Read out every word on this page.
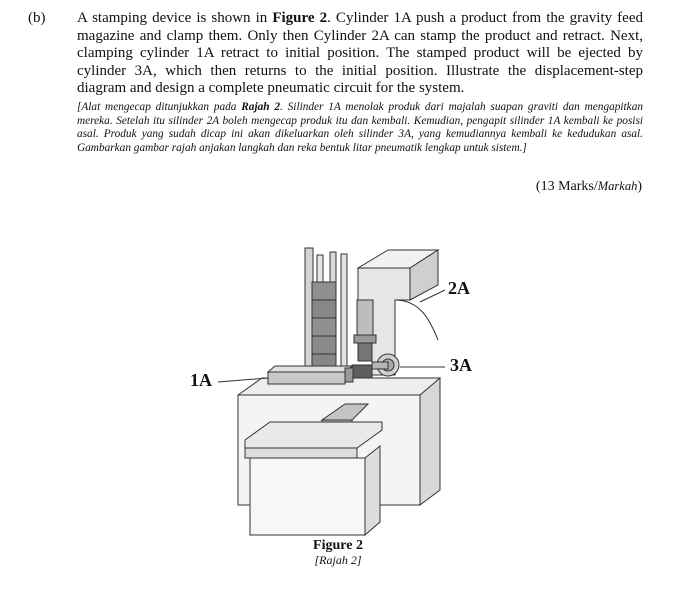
(b) A stamping device is shown in Figure 2. Cylinder 1A push a product from the gravity feed magazine and clamp them. Only then Cylinder 2A can stamp the product and retract. Next, clamping cylinder 1A retract to initial position. The stamped product will be ejected by cylinder 3A, which then returns to the initial position. Illustrate the displacement-step diagram and design a complete pneumatic circuit for the system.
[Alat mengecap ditunjukkan pada Rajah 2. Silinder 1A menolak produk dari majalah suapan graviti dan mengapitkan mereka. Setelah itu silinder 2A boleh mengecap produk itu dan kembali. Kemudian, pengapit silinder 1A kembali ke posisi asal. Produk yang sudah dicap ini akan dikeluarkan oleh silinder 3A, yang kemudiannya kembali ke kedudukan asal. Gambarkan gambar rajah anjakan langkah dan reka bentuk litar pneumatik lengkap untuk sistem.]
(13 Marks/Markah)
1A
2A
3A
Figure 2
[Rajah 2]
